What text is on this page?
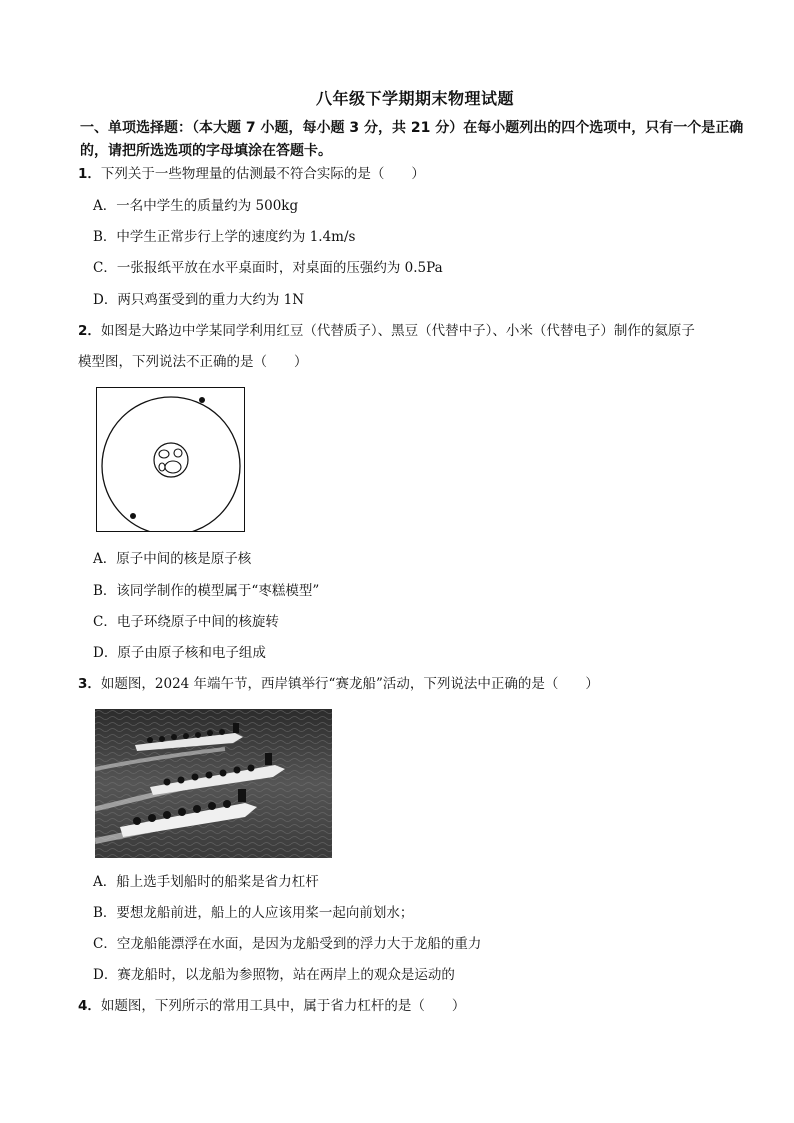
八年级下学期期末物理试题
一、单项选择题：（本大题 7 小题，每小题 3 分，共 21 分）在每小题列出的四个选项中，只有一个是正确的，请把所选选项的字母填涂在答题卡。
1．下列关于一些物理量的估测最不符合实际的是（　　）
A．一名中学生的质量约为 500kg
B．中学生正常步行上学的速度约为 1.4m/s
C．一张报纸平放在水平桌面时，对桌面的压强约为 0.5Pa
D．两只鸡蛋受到的重力大约为 1N
2．如图是大路边中学某同学利用红豆（代替质子）、黑豆（代替中子）、小米（代替电子）制作的氦原子
模型图，下列说法不正确的是（　　）
A．原子中间的核是原子核
B．该同学制作的模型属于“枣糕模型”
C．电子环绕原子中间的核旋转
D．原子由原子核和电子组成
3．如题图，2024 年端午节，西岸镇举行“赛龙船”活动，下列说法中正确的是（　　）
A．船上选手划船时的船桨是省力杠杆
B．要想龙船前进，船上的人应该用桨一起向前划水；
C．空龙船能漂浮在水面，是因为龙船受到的浮力大于龙船的重力
D．赛龙船时，以龙船为参照物，站在两岸上的观众是运动的
4．如题图，下列所示的常用工具中，属于省力杠杆的是（　　）
